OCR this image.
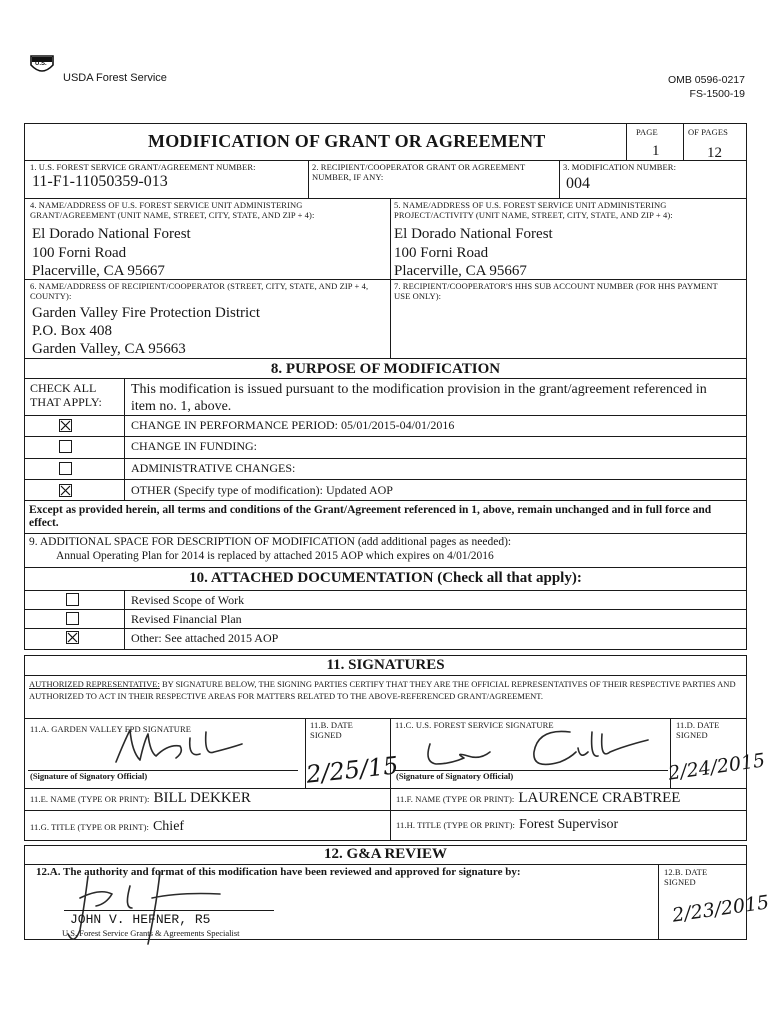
U.S.
USDA Forest Service	OMB 0596-0217
FS-1500-19
MODIFICATION OF GRANT OR AGREEMENT	PAGE	OF PAGES
1	12
1. U.S. FOREST SERVICE GRANT/AGREEMENT NUMBER:
11-F1-11050359-013
2. RECIPIENT/COOPERATOR GRANT OR AGREEMENT NUMBER, IF ANY:
3. MODIFICATION NUMBER:
004
4. NAME/ADDRESS OF U.S. FOREST SERVICE UNIT ADMINISTERING GRANT/AGREEMENT (UNIT NAME, STREET, CITY, STATE, AND ZIP + 4):
El Dorado National Forest
100 Forni Road
Placerville, CA 95667
5. NAME/ADDRESS OF U.S. FOREST SERVICE UNIT ADMINISTERING PROJECT/ACTIVITY (UNIT NAME, STREET, CITY, STATE, AND ZIP + 4):
El Dorado National Forest
100 Forni Road
Placerville, CA 95667
6. NAME/ADDRESS OF RECIPIENT/COOPERATOR (STREET, CITY, STATE, AND ZIP + 4, COUNTY):
Garden Valley Fire Protection District
P.O. Box 408
Garden Valley, CA 95663
7. RECIPIENT/COOPERATOR'S HHS SUB ACCOUNT NUMBER (FOR HHS PAYMENT USE ONLY):
8. PURPOSE OF MODIFICATION
CHECK ALL THAT APPLY:
This modification is issued pursuant to the modification provision in the grant/agreement referenced in item no. 1, above.
CHANGE IN PERFORMANCE PERIOD: 05/01/2015-04/01/2016
CHANGE IN FUNDING:
ADMINISTRATIVE CHANGES:
OTHER (Specify type of modification): Updated AOP
Except as provided herein, all terms and conditions of the Grant/Agreement referenced in 1, above, remain unchanged and in full force and effect.
9. ADDITIONAL SPACE FOR DESCRIPTION OF MODIFICATION (add additional pages as needed):
Annual Operating Plan for 2014 is replaced by attached 2015 AOP which expires on 4/01/2016
10. ATTACHED DOCUMENTATION (Check all that apply):
Revised Scope of Work
Revised Financial Plan
Other: See attached 2015 AOP
11. SIGNATURES
AUTHORIZED REPRESENTATIVE: BY SIGNATURE BELOW, THE SIGNING PARTIES CERTIFY THAT THEY ARE THE OFFICIAL REPRESENTATIVES OF THEIR RESPECTIVE PARTIES AND AUTHORIZED TO ACT IN THEIR RESPECTIVE AREAS FOR MATTERS RELATED TO THE ABOVE-REFERENCED GRANT/AGREEMENT.
11.A. GARDEN VALLEY FPD SIGNATURE	11.B. DATE SIGNED
11.C. U.S. FOREST SERVICE SIGNATURE	11.D. DATE SIGNED
(Signature of Signatory Official)	2/25/15
(Signature of Signatory Official)	2/24/2015
11.E. NAME (TYPE OR PRINT): BILL DEKKER	11.F. NAME (TYPE OR PRINT): LAURENCE CRABTREE
11.G. TITLE (TYPE OR PRINT): Chief	11.H. TITLE (TYPE OR PRINT): Forest Supervisor
12. G&A REVIEW
12.A. The authority and format of this modification have been reviewed and approved for signature by:	12.B. DATE SIGNED
2/23/2015
JOHN V. HEFNER, R5
U.S. Forest Service Grants & Agreements Specialist
